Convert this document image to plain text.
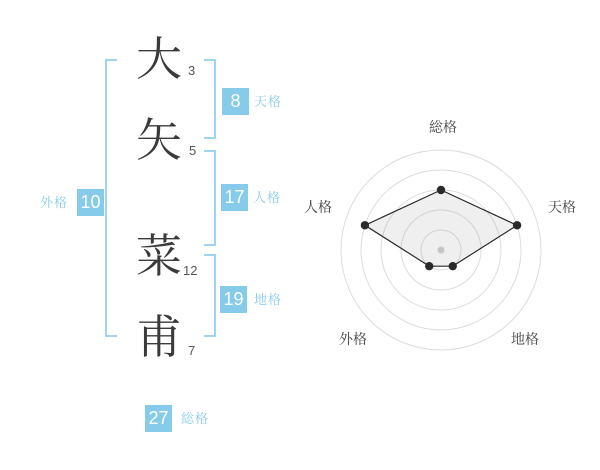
大
矢
菜
甫
3
5
12
7
8
17
19
10
27
天格
人格
地格
外格
総格
総格
天格
地格
外格
人格
